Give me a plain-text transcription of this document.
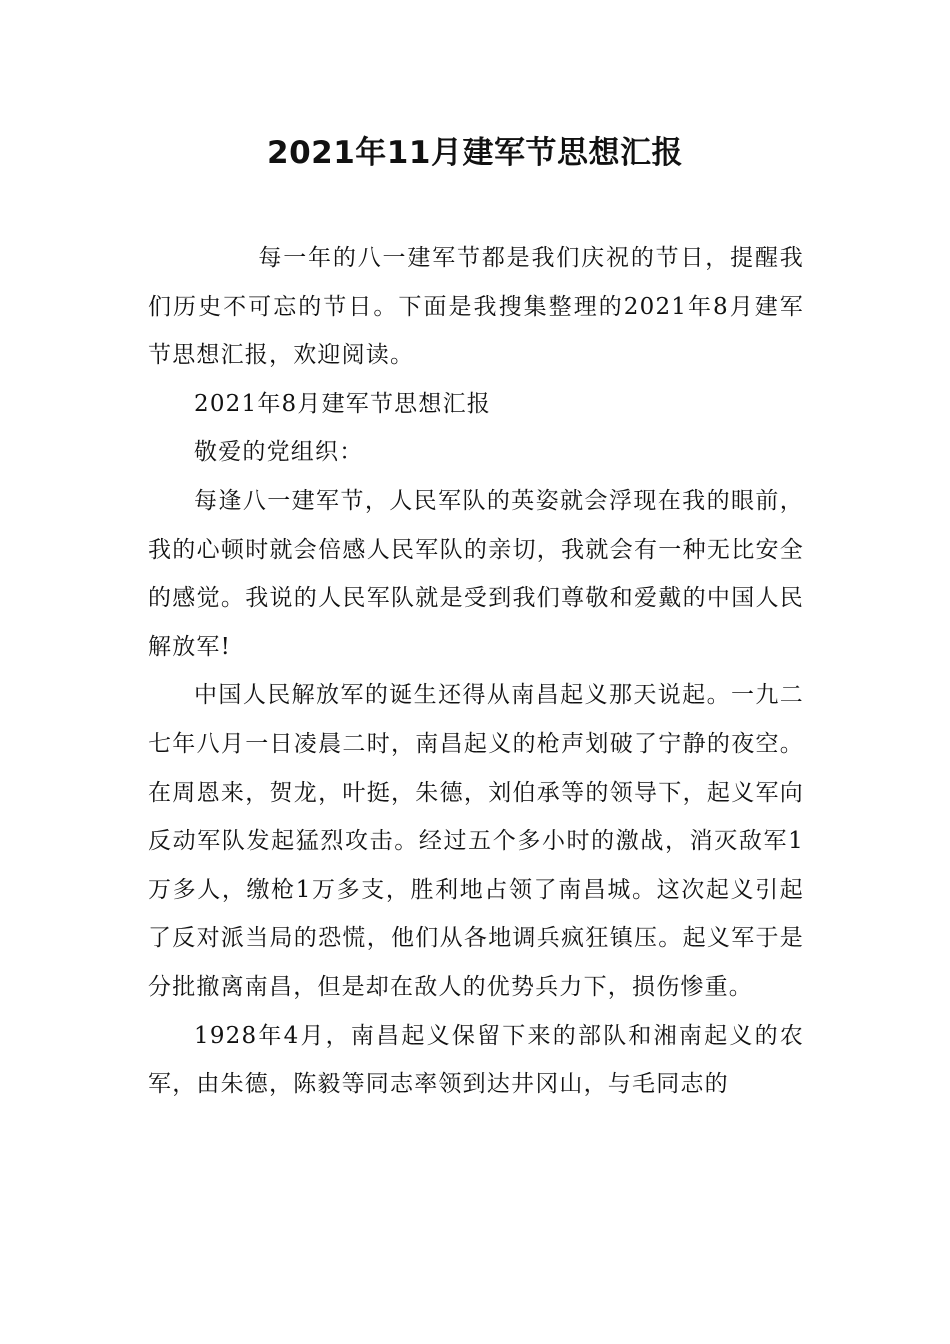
2021年11月建军节思想汇报

每一年的八一建军节都是我们庆祝的节日，提醒我们历史不可忘的节日。下面是我搜集整理的2021年8月建军节思想汇报，欢迎阅读。

2021年8月建军节思想汇报

敬爱的党组织：

每逢八一建军节，人民军队的英姿就会浮现在我的眼前，我的心顿时就会倍感人民军队的亲切，我就会有一种无比安全的感觉。我说的人民军队就是受到我们尊敬和爱戴的中国人民解放军!

中国人民解放军的诞生还得从南昌起义那天说起。一九二七年八月一日凌晨二时，南昌起义的枪声划破了宁静的夜空。在周恩来，贺龙，叶挺，朱德，刘伯承等的领导下，起义军向反动军队发起猛烈攻击。经过五个多小时的激战，消灭敌军1万多人，缴枪1万多支，胜利地占领了南昌城。这次起义引起了反对派当局的恐慌，他们从各地调兵疯狂镇压。起义军于是分批撤离南昌，但是却在敌人的优势兵力下，损伤惨重。

1928年4月，南昌起义保留下来的部队和湘南起义的农军，由朱德，陈毅等同志率领到达井冈山，与毛同志的
